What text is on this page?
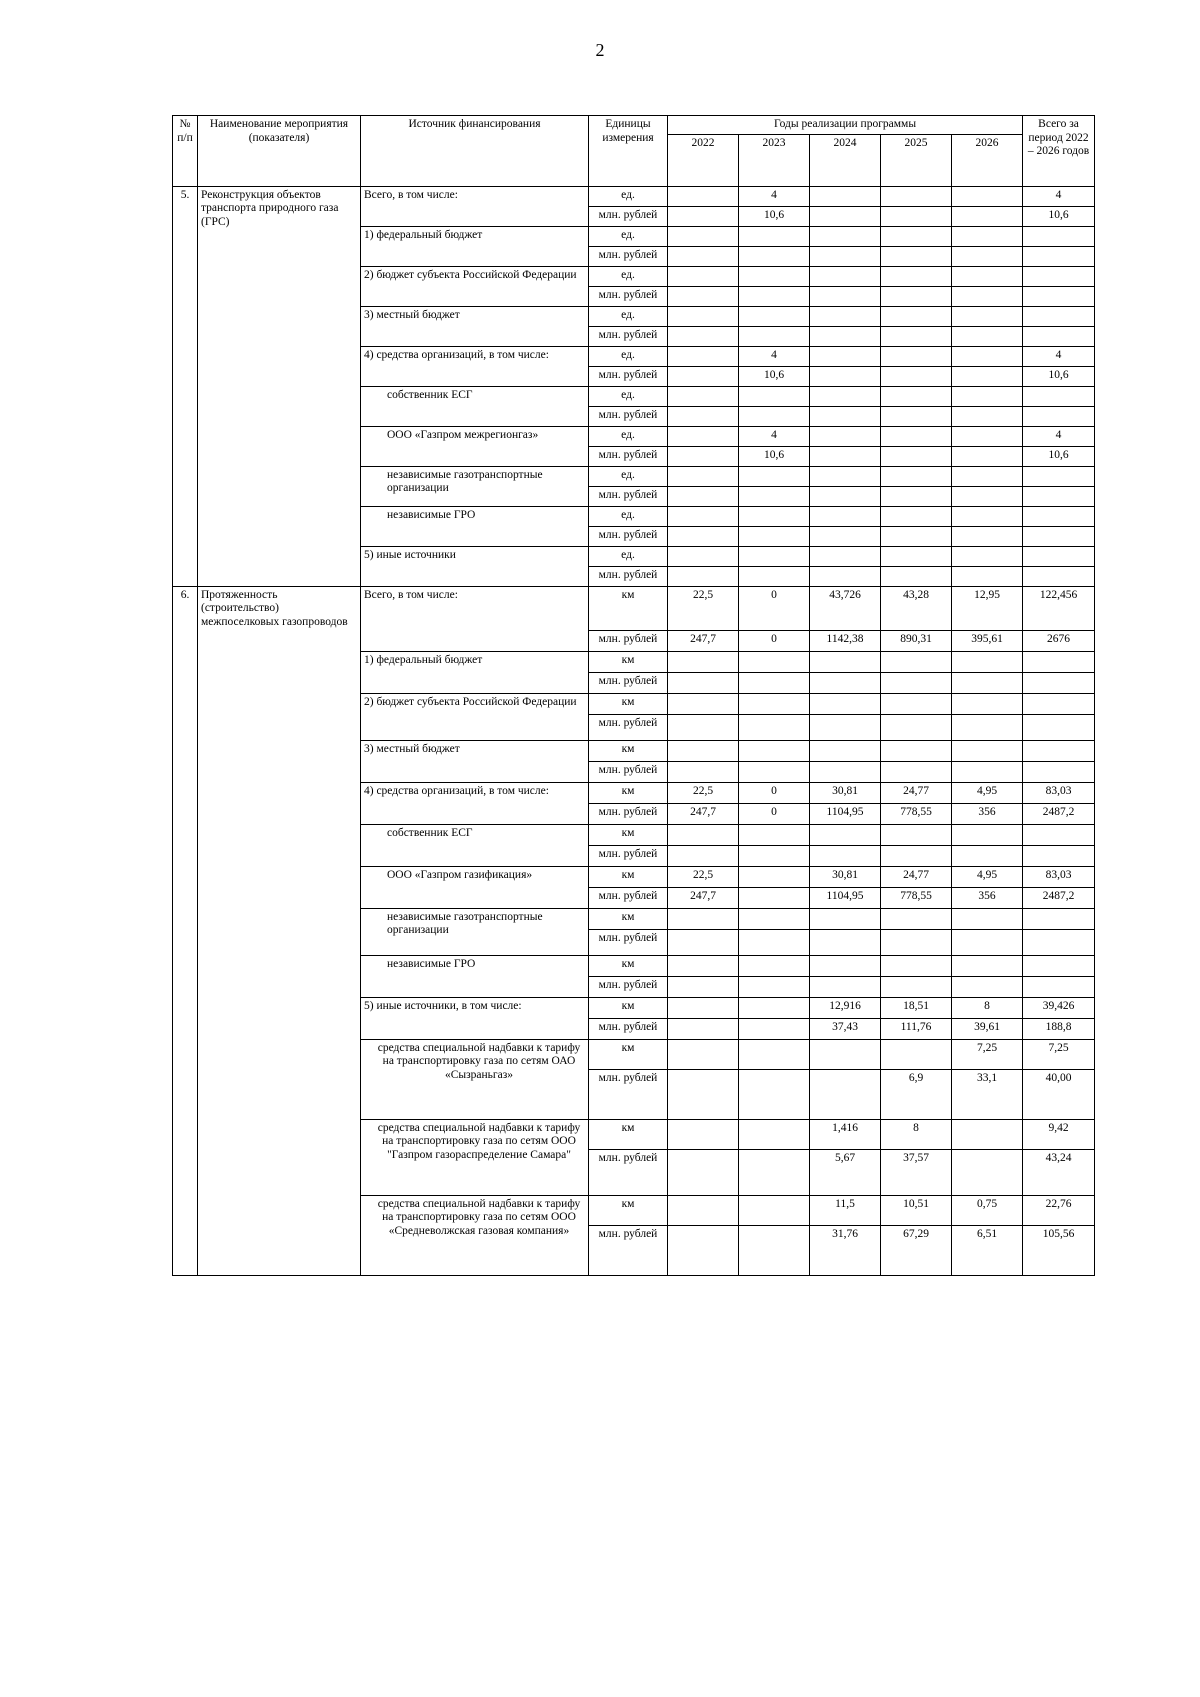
2
№ п/п	Наименование мероприятия (показателя)	Источник финансирования	Единицы измерения	Годы реализации программы					Всего за период 2022 – 2026 годов
				2022	2023	2024	2025	2026	
5.	Реконструкция объектов транспорта природного газа (ГРС)	Всего, в том числе:	ед.		4				4
			млн. рублей		10,6				10,6
		1) федеральный бюджет	ед.						
			млн. рублей						
		2) бюджет субъекта Российской Федерации	ед.						
			млн. рублей						
		3) местный бюджет	ед.						
			млн. рублей						
		4) средства организаций, в том числе:	ед.		4				4
			млн. рублей		10,6				10,6
		собственник ЕСГ	ед.						
			млн. рублей						
		ООО «Газпром межрегионгаз»	ед.		4				4
			млн. рублей		10,6				10,6
		независимые газотранспортные организации	ед.						
			млн. рублей						
		независимые ГРО	ед.						
			млн. рублей						
		5) иные источники	ед.						
			млн. рублей						
6.	Протяженность (строительство) межпоселковых газопроводов	Всего, в том числе:	км	22,5	0	43,726	43,28	12,95	122,456
			млн. рублей	247,7	0	1142,38	890,31	395,61	2676
		1) федеральный бюджет	км						
			млн. рублей						
		2) бюджет субъекта Российской Федерации	км						
			млн. рублей						
		3) местный бюджет	км						
			млн. рублей						
		4) средства организаций, в том числе:	км	22,5	0	30,81	24,77	4,95	83,03
			млн. рублей	247,7	0	1104,95	778,55	356	2487,2
		собственник ЕСГ	км						
			млн. рублей						
		ООО «Газпром газификация»	км	22,5		30,81	24,77	4,95	83,03
			млн. рублей	247,7		1104,95	778,55	356	2487,2
		независимые газотранспортные организации	км						
			млн. рублей						
		независимые ГРО	км						
			млн. рублей						
		5) иные источники, в том числе:	км			12,916	18,51	8	39,426
			млн. рублей			37,43	111,76	39,61	188,8
		средства специальной надбавки к тарифу на транспортировку газа по сетям ОАО «Сызраньгаз»	км					7,25	7,25
			млн. рублей				6,9	33,1	40,00
		средства специальной надбавки к тарифу на транспортировку газа по сетям ООО "Газпром газораспределение Самара"	км			1,416	8		9,42
			млн. рублей			5,67	37,57		43,24
		средства специальной надбавки к тарифу на транспортировку газа по сетям ООО «Средневолжская газовая компания»	км			11,5	10,51	0,75	22,76
			млн. рублей			31,76	67,29	6,51	105,56
